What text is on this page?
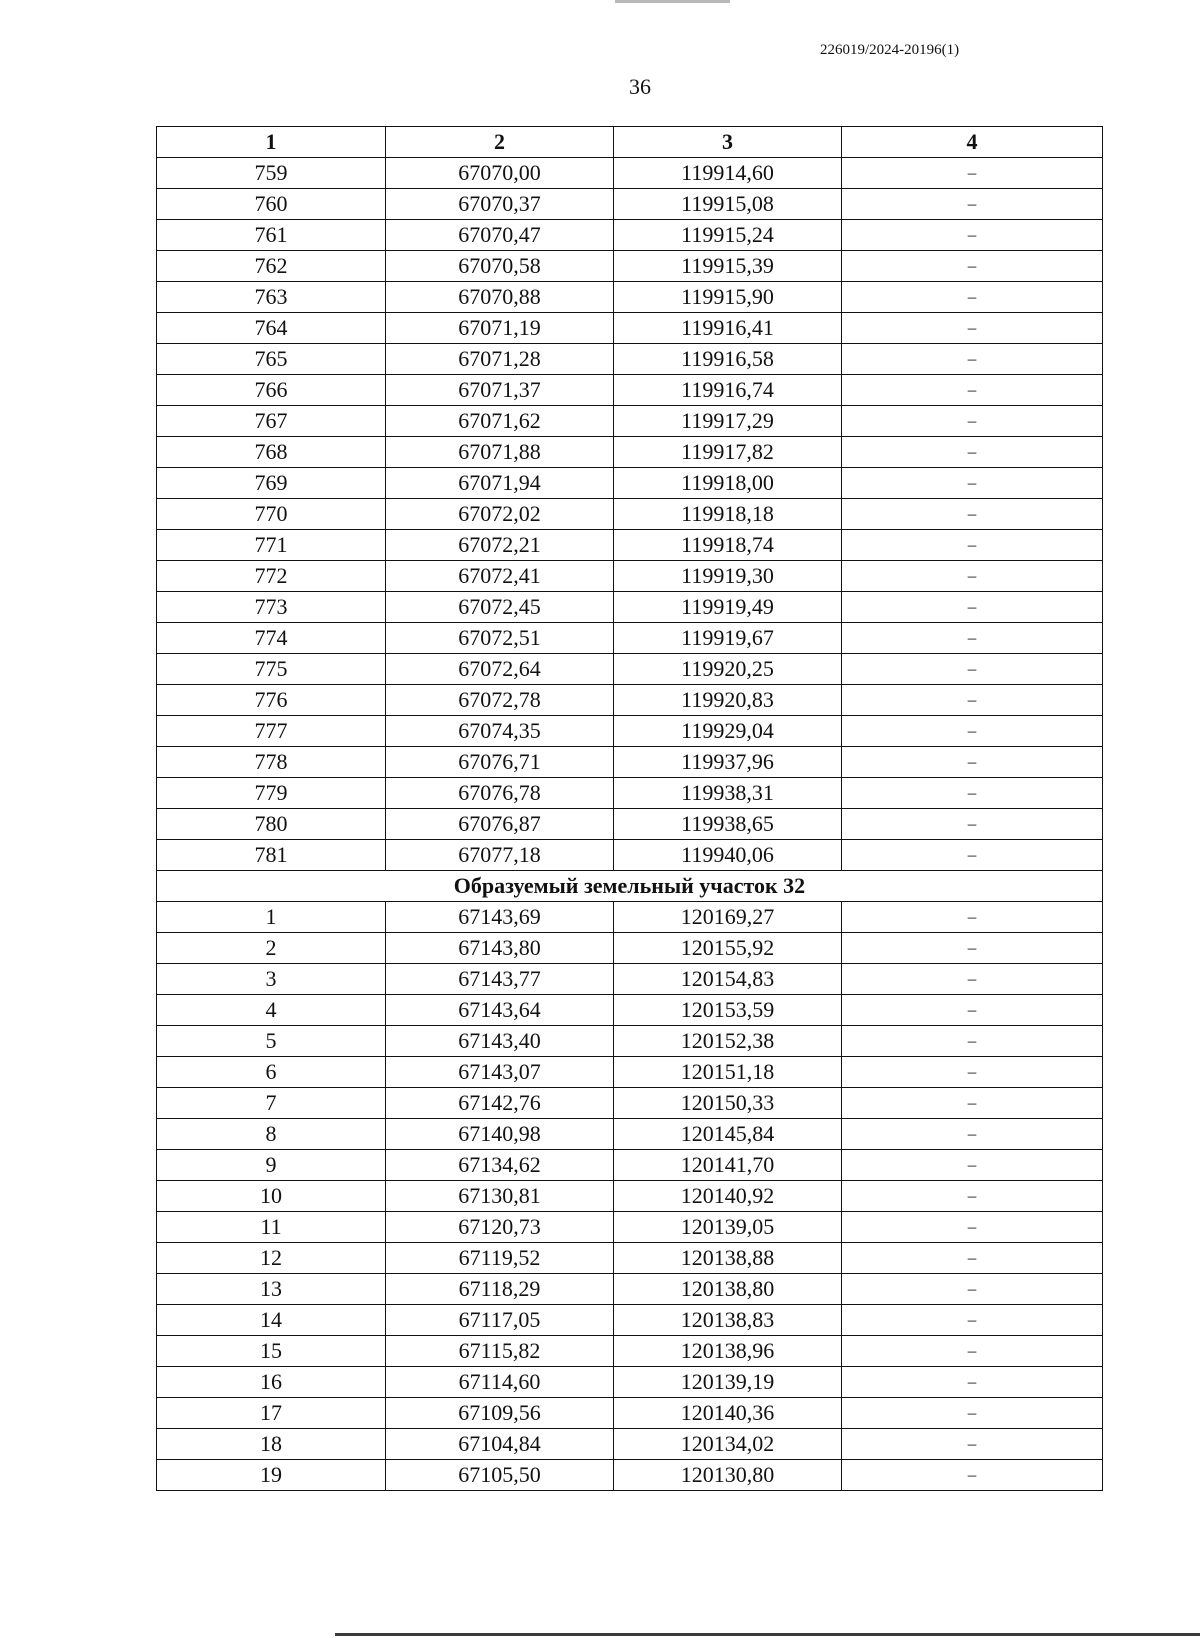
226019/2024-20196(1)
36
1	2	3	4
759	67070,00	119914,60	–
760	67070,37	119915,08	–
761	67070,47	119915,24	–
762	67070,58	119915,39	–
763	67070,88	119915,90	–
764	67071,19	119916,41	–
765	67071,28	119916,58	–
766	67071,37	119916,74	–
767	67071,62	119917,29	–
768	67071,88	119917,82	–
769	67071,94	119918,00	–
770	67072,02	119918,18	–
771	67072,21	119918,74	–
772	67072,41	119919,30	–
773	67072,45	119919,49	–
774	67072,51	119919,67	–
775	67072,64	119920,25	–
776	67072,78	119920,83	–
777	67074,35	119929,04	–
778	67076,71	119937,96	–
779	67076,78	119938,31	–
780	67076,87	119938,65	–
781	67077,18	119940,06	–
Образуемый земельный участок 32			
1	67143,69	120169,27	–
2	67143,80	120155,92	–
3	67143,77	120154,83	–
4	67143,64	120153,59	–
5	67143,40	120152,38	–
6	67143,07	120151,18	–
7	67142,76	120150,33	–
8	67140,98	120145,84	–
9	67134,62	120141,70	–
10	67130,81	120140,92	–
11	67120,73	120139,05	–
12	67119,52	120138,88	–
13	67118,29	120138,80	–
14	67117,05	120138,83	–
15	67115,82	120138,96	–
16	67114,60	120139,19	–
17	67109,56	120140,36	–
18	67104,84	120134,02	–
19	67105,50	120130,80	–
